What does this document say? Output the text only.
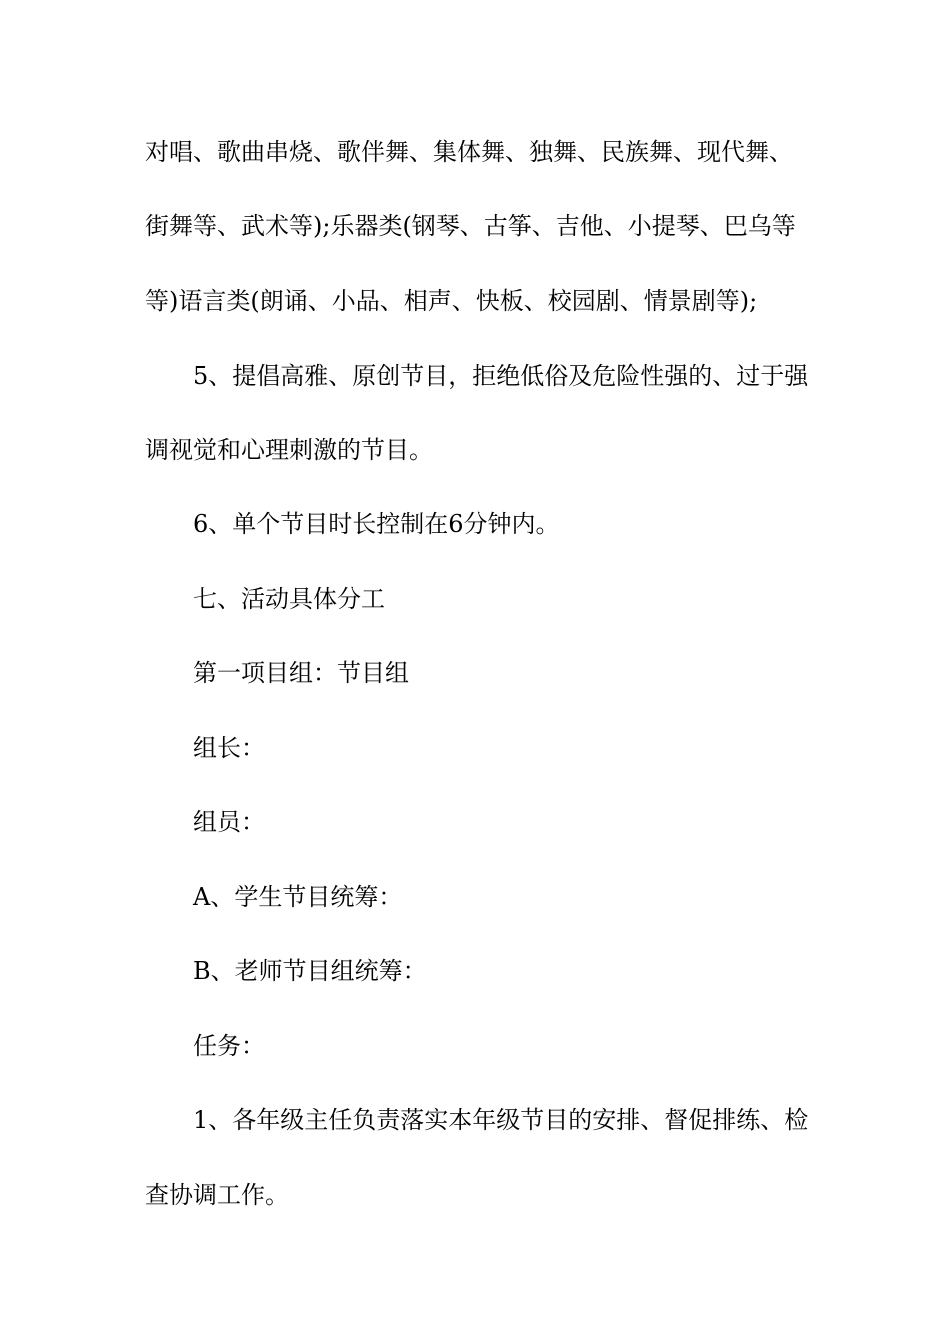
对唱、歌曲串烧、歌伴舞、集体舞、独舞、民族舞、现代舞、
街舞等、武术等);乐器类(钢琴、古筝、吉他、小提琴、巴乌等
等)语言类(朗诵、小品、相声、快板、校园剧、情景剧等);
5、提倡高雅、原创节目，拒绝低俗及危险性强的、过于强
调视觉和心理刺激的节目。
6、单个节目时长控制在6分钟内。
七、活动具体分工
第一项目组：节目组
组长：
组员：
A、学生节目统筹：
B、老师节目组统筹：
任务：
1、各年级主任负责落实本年级节目的安排、督促排练、检
查协调工作。
